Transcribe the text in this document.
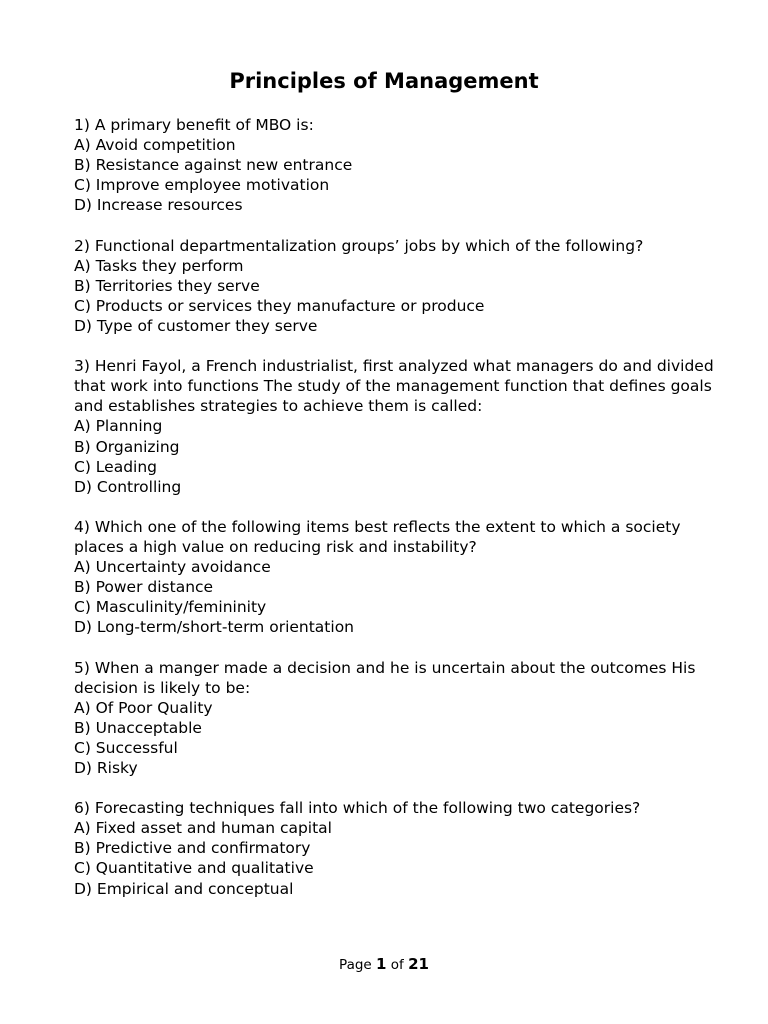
Principles of Management
1) A primary benefit of MBO is:
A) Avoid competition
B) Resistance against new entrance
C) Improve employee motivation
D) Increase resources
2) Functional departmentalization groups’ jobs by which of the following?
A) Tasks they perform
B) Territories they serve
C) Products or services they manufacture or produce
D) Type of customer they serve
3) Henri Fayol, a French industrialist, first analyzed what managers do and divided that work into functions The study of the management function that defines goals and establishes strategies to achieve them is called:
A) Planning
B) Organizing
C) Leading
D) Controlling
4) Which one of the following items best reflects the extent to which a society places a high value on reducing risk and instability?
A) Uncertainty avoidance
B) Power distance
C) Masculinity/femininity
D) Long-term/short-term orientation
5) When a manger made a decision and he is uncertain about the outcomes His decision is likely to be:
A) Of Poor Quality
B) Unacceptable
C) Successful
D) Risky
6) Forecasting techniques fall into which of the following two categories?
A) Fixed asset and human capital
B) Predictive and confirmatory
C) Quantitative and qualitative
D) Empirical and conceptual
Page 1 of 21
